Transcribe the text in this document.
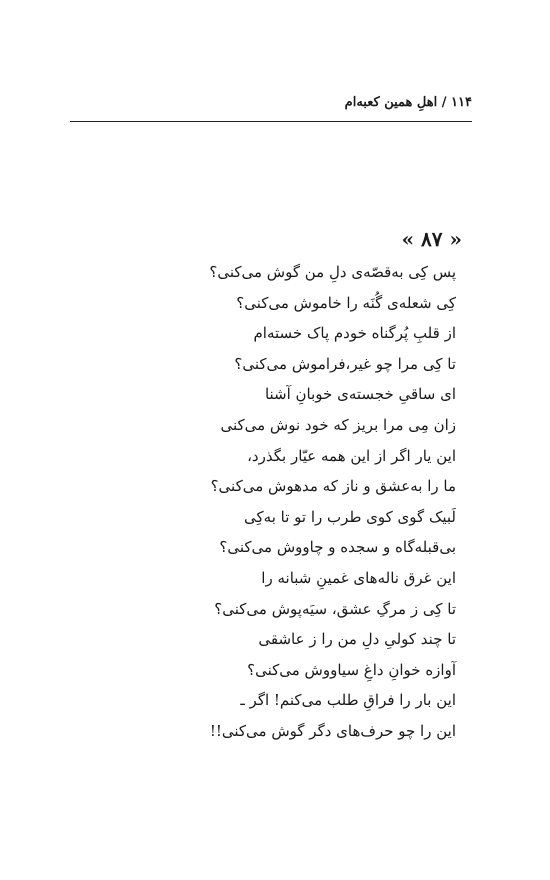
۱۱۴ / اهلِ همین کعبه‌ام
« ۸۷ »
پس کِی به‌قصّه‌ی دلِ من گوش می‌کنی؟
کِی شعله‌ی گُنَه را خاموش می‌کنی؟
از قلبِ پُرگناه خودم پاک خسته‌ام
تا کِی مرا چو غیر،فراموش می‌کنی؟
ای ساقیِ خجسته‌ی خوبانِ آشنا
زان مِی مرا بریز که خود نوش می‌کنی
این یار اگر از این همه عیّار بگذرد،
ما را به‌عشق و ناز که مدهوش می‌کنی؟
لَبیک گوی کوی طرب را تو تا به‌کِی
بی‌قبله‌گاه و سجده و چاووش می‌کنی؟
این غرق ناله‌های غمینِ شبانه را
تا کِی ز مرگِ عشق، سیَه‌پوش می‌کنی؟
تا چند کولیِ دلِ من را ز عاشقی
آوازه خوانِ داغِ سیاووش می‌کنی؟
این بار را فراقِ طلب می‌کنم! اگر ـ
این را چو حرف‌های دگر گوش می‌کنی!!
